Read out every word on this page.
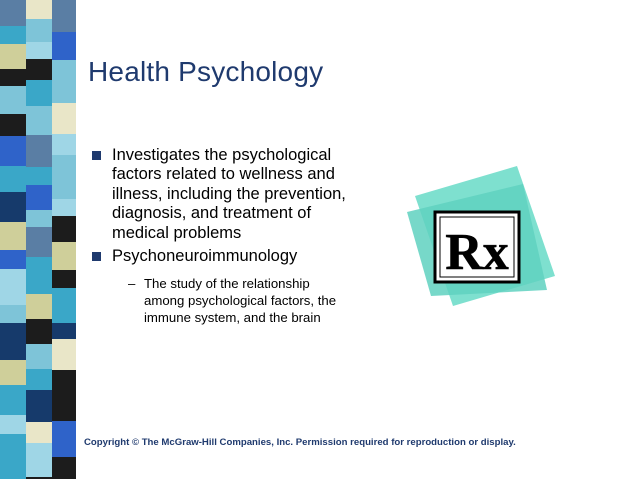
Health Psychology
Investigates the psychological factors related to wellness and illness, including the prevention, diagnosis, and treatment of medical problems
Psychoneuroimmunology
– The study of the relationship among psychological factors, the immune system, and the brain
Rx
Copyright © The McGraw-Hill Companies, Inc. Permission required for reproduction or display.
